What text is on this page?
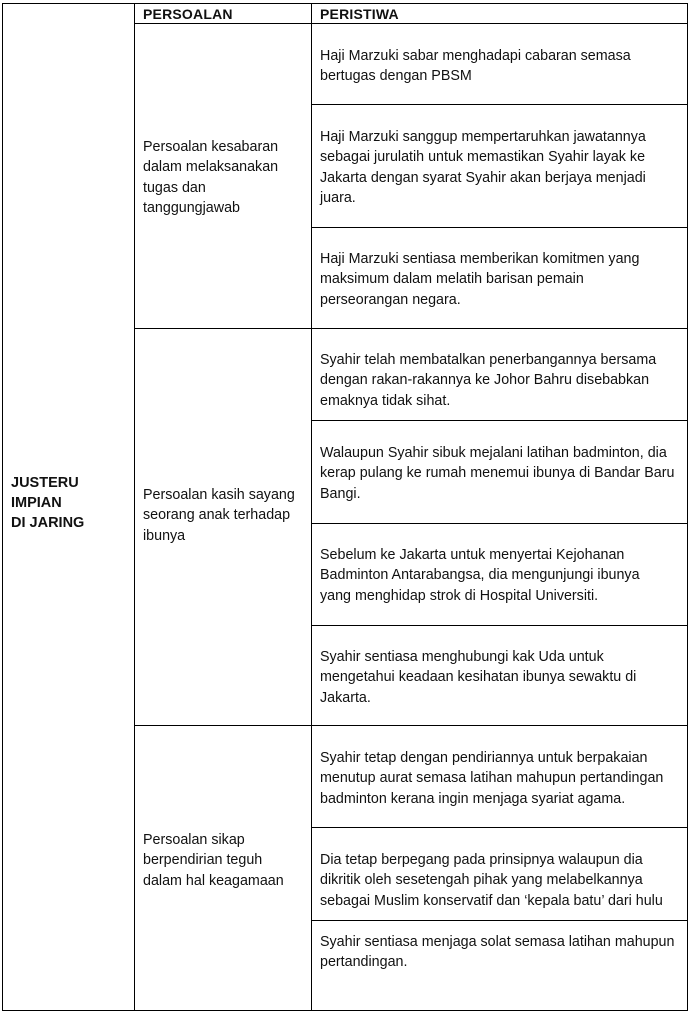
PERSOALAN	PERISTIWA
JUSTERU
IMPIAN
DI JARING
Persoalan kesabaran
dalam melaksanakan
tugas dan
tanggungjawab
Haji Marzuki sabar menghadapi cabaran semasa
bertugas dengan PBSM
Haji Marzuki sanggup mempertaruhkan jawatannya
sebagai jurulatih untuk memastikan Syahir layak ke
Jakarta dengan syarat Syahir akan berjaya menjadi
juara.
Haji Marzuki sentiasa memberikan komitmen yang
maksimum dalam melatih barisan pemain
perseorangan negara.
Persoalan kasih sayang
seorang anak terhadap
ibunya
Syahir telah membatalkan penerbangannya bersama
dengan rakan-rakannya ke Johor Bahru disebabkan
emaknya tidak sihat.
Walaupun Syahir sibuk mejalani latihan badminton, dia
kerap pulang ke rumah menemui ibunya di Bandar Baru
Bangi.
Sebelum ke Jakarta untuk menyertai Kejohanan
Badminton Antarabangsa, dia mengunjungi ibunya
yang menghidap strok di Hospital Universiti.
Syahir sentiasa menghubungi kak Uda untuk
mengetahui keadaan kesihatan ibunya sewaktu di
Jakarta.
Persoalan sikap
berpendirian teguh
dalam hal keagamaan
Syahir tetap dengan pendiriannya untuk berpakaian
menutup aurat semasa latihan mahupun pertandingan
badminton kerana ingin menjaga syariat agama.
Dia tetap berpegang pada prinsipnya walaupun dia
dikritik oleh sesetengah pihak yang melabelkannya
sebagai Muslim konservatif dan ‘kepala batu’ dari hulu
Syahir sentiasa menjaga solat semasa latihan mahupun
pertandingan.
